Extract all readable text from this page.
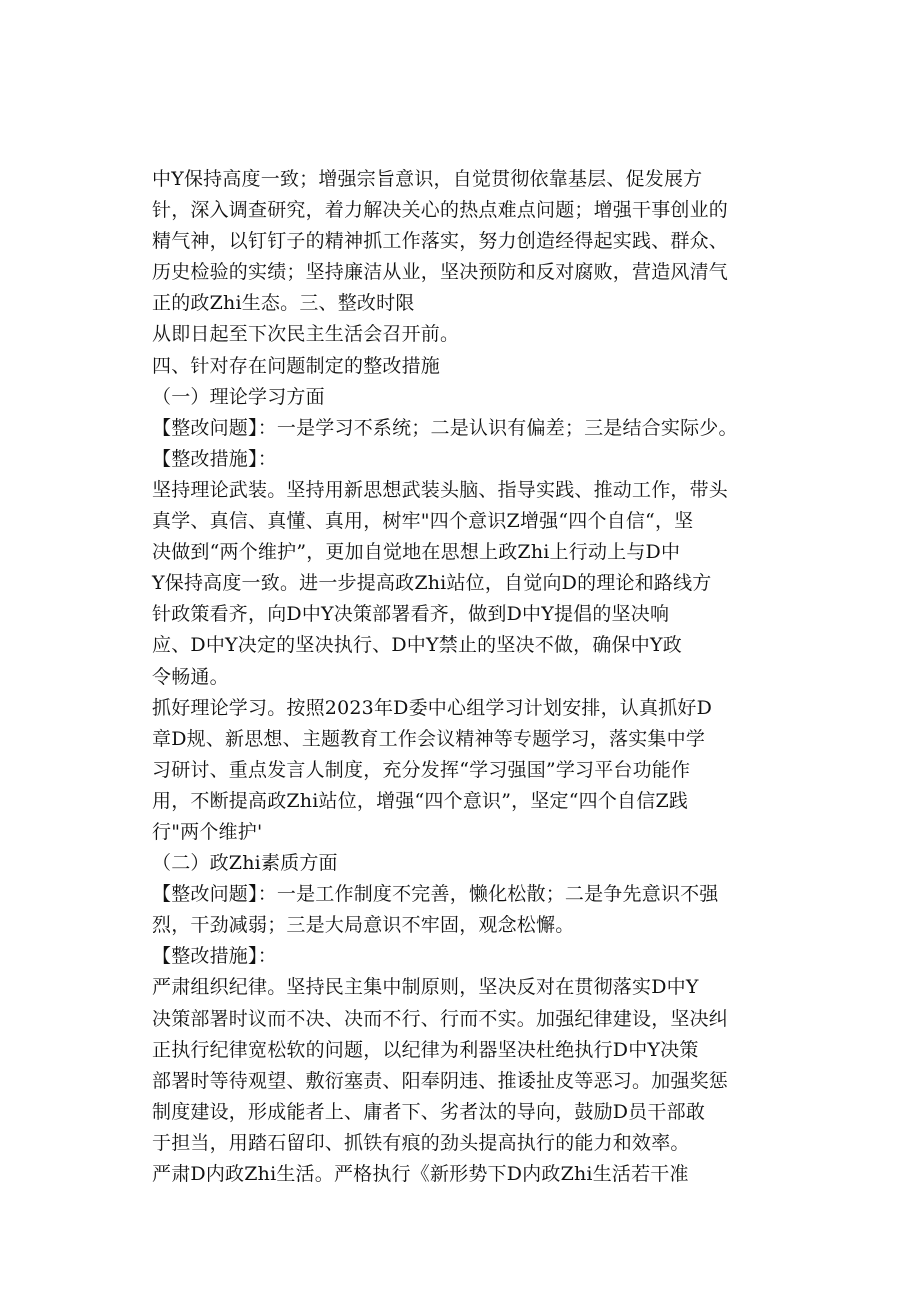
中Y保持高度一致；增强宗旨意识，自觉贯彻依靠基层、促发展方
针，深入调查研究，着力解决关心的热点难点问题；增强干事创业的
精气神，以钉钉子的精神抓工作落实，努力创造经得起实践、群众、
历史检验的实绩；坚持廉洁从业，坚决预防和反对腐败，营造风清气
正的政Zhi生态。三、整改时限
从即日起至下次民主生活会召开前。
四、针对存在问题制定的整改措施
（一）理论学习方面
【整改问题】：一是学习不系统；二是认识有偏差；三是结合实际少。
【整改措施】：
坚持理论武装。坚持用新思想武装头脑、指导实践、推动工作，带头
真学、真信、真懂、真用，树牢"四个意识Z增强“四个自信“，坚
决做到“两个维护”，更加自觉地在思想上政Zhi上行动上与D中
Y保持高度一致。进一步提高政Zhi站位，自觉向D的理论和路线方
针政策看齐，向D中Y决策部署看齐，做到D中Y提倡的坚决响
应、D中Y决定的坚决执行、D中Y禁止的坚决不做，确保中Y政
令畅通。
抓好理论学习。按照2023年D委中心组学习计划安排，认真抓好D
章D规、新思想、主题教育工作会议精神等专题学习，落实集中学
习研讨、重点发言人制度，充分发挥“学习强国”学习平台功能作
用，不断提高政Zhi站位，增强“四个意识”，坚定“四个自信Z践
行"两个维护'
（二）政Zhi素质方面
【整改问题】：一是工作制度不完善，懒化松散；二是争先意识不强
烈，干劲减弱；三是大局意识不牢固，观念松懈。
【整改措施】：
严肃组织纪律。坚持民主集中制原则，坚决反对在贯彻落实D中Y
决策部署时议而不决、决而不行、行而不实。加强纪律建设，坚决纠
正执行纪律宽松软的问题，以纪律为利器坚决杜绝执行D中Y决策
部署时等待观望、敷衍塞责、阳奉阴违、推诿扯皮等恶习。加强奖惩
制度建设，形成能者上、庸者下、劣者汰的导向，鼓励D员干部敢
于担当，用踏石留印、抓铁有痕的劲头提高执行的能力和效率。
严肃D内政Zhi生活。严格执行《新形势下D内政Zhi生活若干准
